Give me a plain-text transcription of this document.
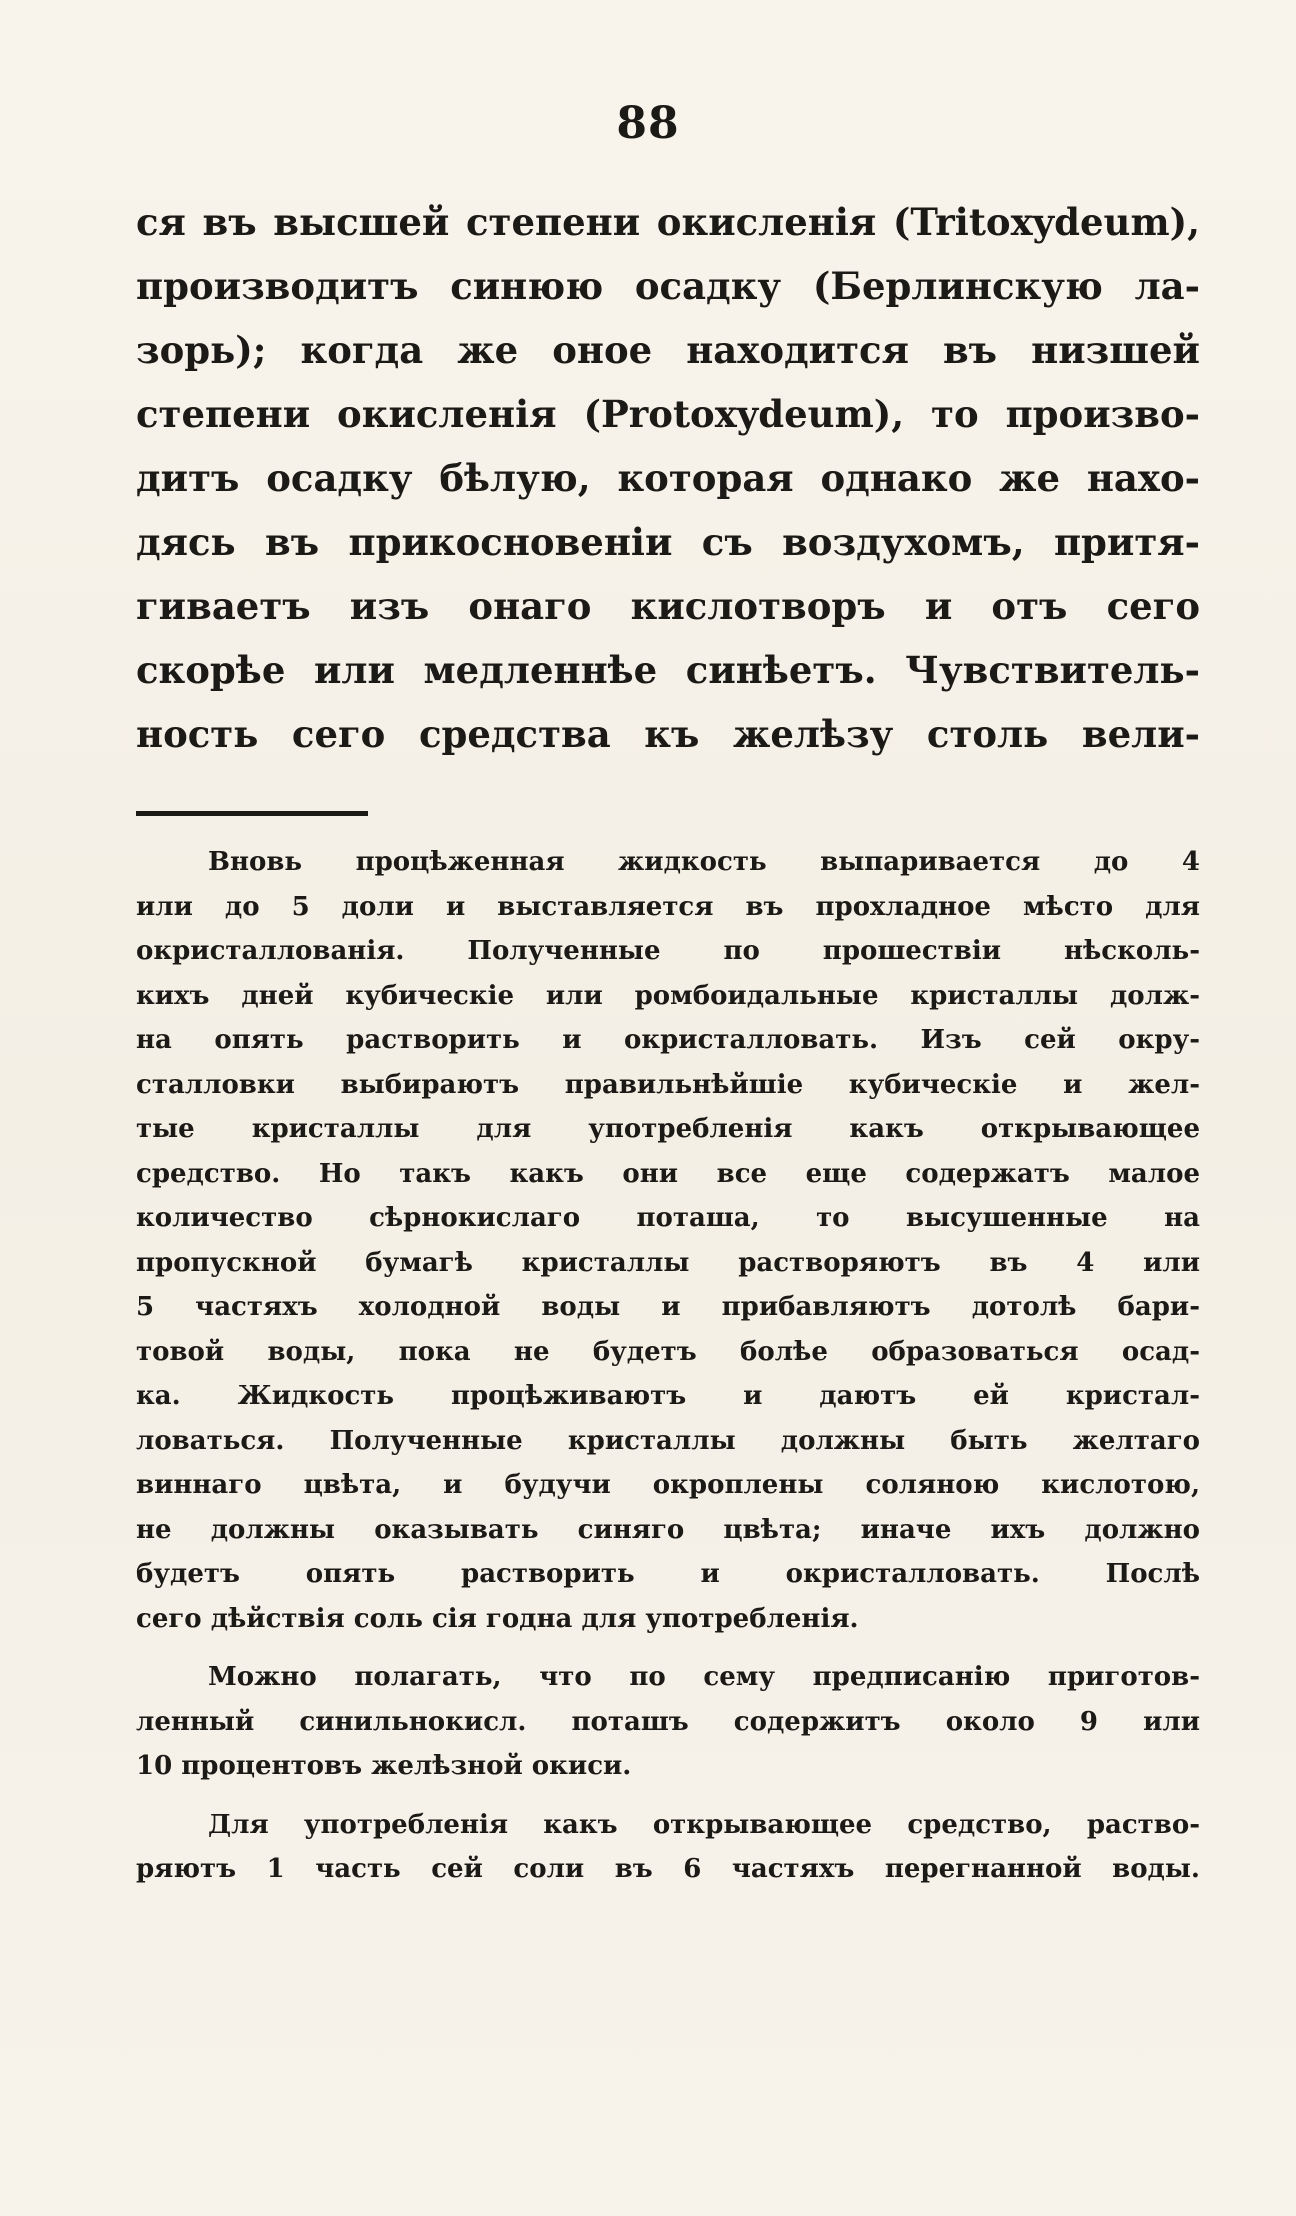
88
ся въ высшей степени окисленія (Tritoxydeum),
производитъ синюю осадку (Берлинскую ла-
зорь); когда же оное находится въ низшей
степени окисленія (Protoxydeum), то произво-
дитъ осадку бѣлую, которая однако же нахо-
дясь въ прикосновеніи съ воздухомъ, притя-
гиваетъ изъ онаго кислотворъ и отъ сего
скорѣе или медленнѣе синѣетъ. Чувствитель-
ность сего средства къ желѣзу столь вели-
Вновь процѣженная жидкость выпаривается до 4
или до 5 доли и выставляется въ прохладное мѣсто для
окристаллованія. Полученные по прошествіи нѣсколь-
кихъ дней кубическіе или ромбоидальные кристаллы долж-
на опять растворить и окристалловать. Изъ сей окру-
сталловки выбираютъ правильнѣйшіе кубическіе и жел-
тые кристаллы для употребленія какъ открывающее
средство. Но такъ какъ они все еще содержатъ малое
количество сѣрнокислаго поташа, то высушенные на
пропускной бумагѣ кристаллы растворяютъ въ 4 или
5 частяхъ холодной воды и прибавляютъ дотолѣ бари-
товой воды, пока не будетъ болѣе образоваться осад-
ка. Жидкость процѣживаютъ и даютъ ей кристал-
ловаться. Полученные кристаллы должны быть желтаго
виннаго цвѣта, и будучи окроплены соляною кислотою,
не должны оказывать синяго цвѣта; иначе ихъ должно
будетъ опять растворить и окристалловать. Послѣ
сего дѣйствія соль сія годна для употребленія.
Можно полагать, что по сему предписанію приготов-
ленный синильнокисл. поташъ содержитъ около 9 или
10 процентовъ желѣзной окиси.
Для употребленія какъ открывающее средство, раство-
ряютъ 1 часть сей соли въ 6 частяхъ перегнанной воды.
